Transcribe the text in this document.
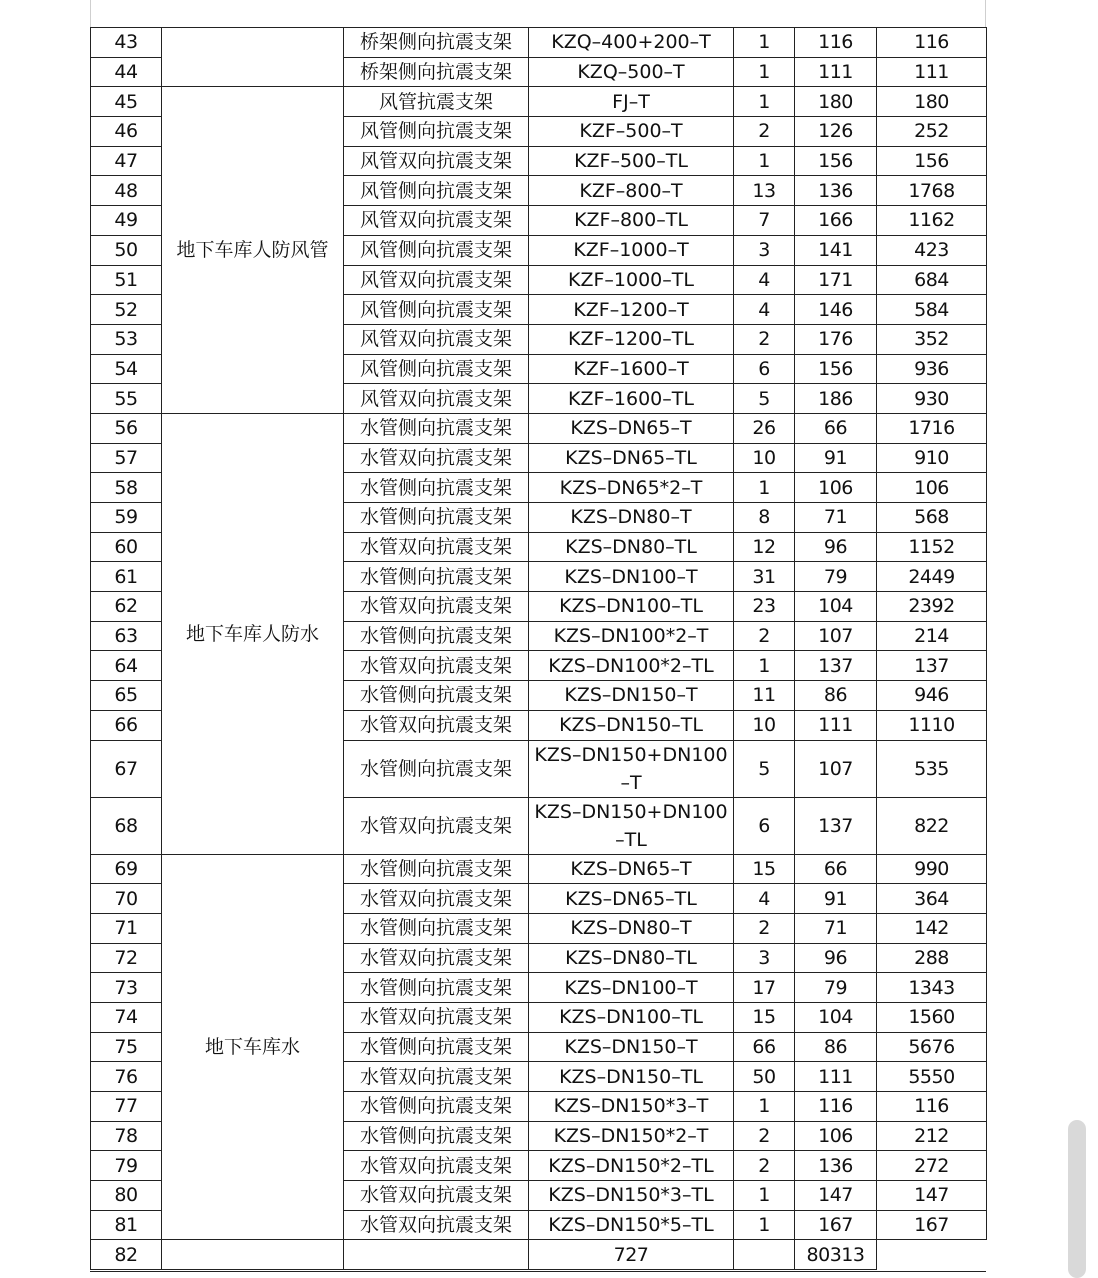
43		桥架侧向抗震支架	KZQ–400+200–T	1	116	116
44		桥架侧向抗震支架	KZQ–500–T	1	111	111
45	地下车库人防风管	风管抗震支架	FJ–T	1	180	180
46		风管侧向抗震支架	KZF–500–T	2	126	252
47		风管双向抗震支架	KZF–500–TL	1	156	156
48		风管侧向抗震支架	KZF–800–T	13	136	1768
49		风管双向抗震支架	KZF–800–TL	7	166	1162
50		风管侧向抗震支架	KZF–1000–T	3	141	423
51		风管双向抗震支架	KZF–1000–TL	4	171	684
52		风管侧向抗震支架	KZF–1200–T	4	146	584
53		风管双向抗震支架	KZF–1200–TL	2	176	352
54		风管侧向抗震支架	KZF–1600–T	6	156	936
55		风管双向抗震支架	KZF–1600–TL	5	186	930
56	地下车库人防水	水管侧向抗震支架	KZS–DN65–T	26	66	1716
57		水管双向抗震支架	KZS–DN65–TL	10	91	910
58		水管侧向抗震支架	KZS–DN65*2–T	1	106	106
59		水管侧向抗震支架	KZS–DN80–T	8	71	568
60		水管双向抗震支架	KZS–DN80–TL	12	96	1152
61		水管侧向抗震支架	KZS–DN100–T	31	79	2449
62		水管双向抗震支架	KZS–DN100–TL	23	104	2392
63		水管侧向抗震支架	KZS–DN100*2–T	2	107	214
64		水管双向抗震支架	KZS–DN100*2–TL	1	137	137
65		水管侧向抗震支架	KZS–DN150–T	11	86	946
66		水管双向抗震支架	KZS–DN150–TL	10	111	1110
67		水管侧向抗震支架	KZS–DN150+DN100–T	5	107	535
68		水管双向抗震支架	KZS–DN150+DN100–TL	6	137	822
69	地下车库水	水管侧向抗震支架	KZS–DN65–T	15	66	990
70		水管双向抗震支架	KZS–DN65–TL	4	91	364
71		水管侧向抗震支架	KZS–DN80–T	2	71	142
72		水管双向抗震支架	KZS–DN80–TL	3	96	288
73		水管侧向抗震支架	KZS–DN100–T	17	79	1343
74		水管双向抗震支架	KZS–DN100–TL	15	104	1560
75		水管侧向抗震支架	KZS–DN150–T	66	86	5676
76		水管双向抗震支架	KZS–DN150–TL	50	111	5550
77		水管侧向抗震支架	KZS–DN150*3–T	1	116	116
78		水管侧向抗震支架	KZS–DN150*2–T	2	106	212
79		水管双向抗震支架	KZS–DN150*2–TL	2	136	272
80		水管双向抗震支架	KZS–DN150*3–TL	1	147	147
81		水管双向抗震支架	KZS–DN150*5–TL	1	167	167
82			727		80313	
